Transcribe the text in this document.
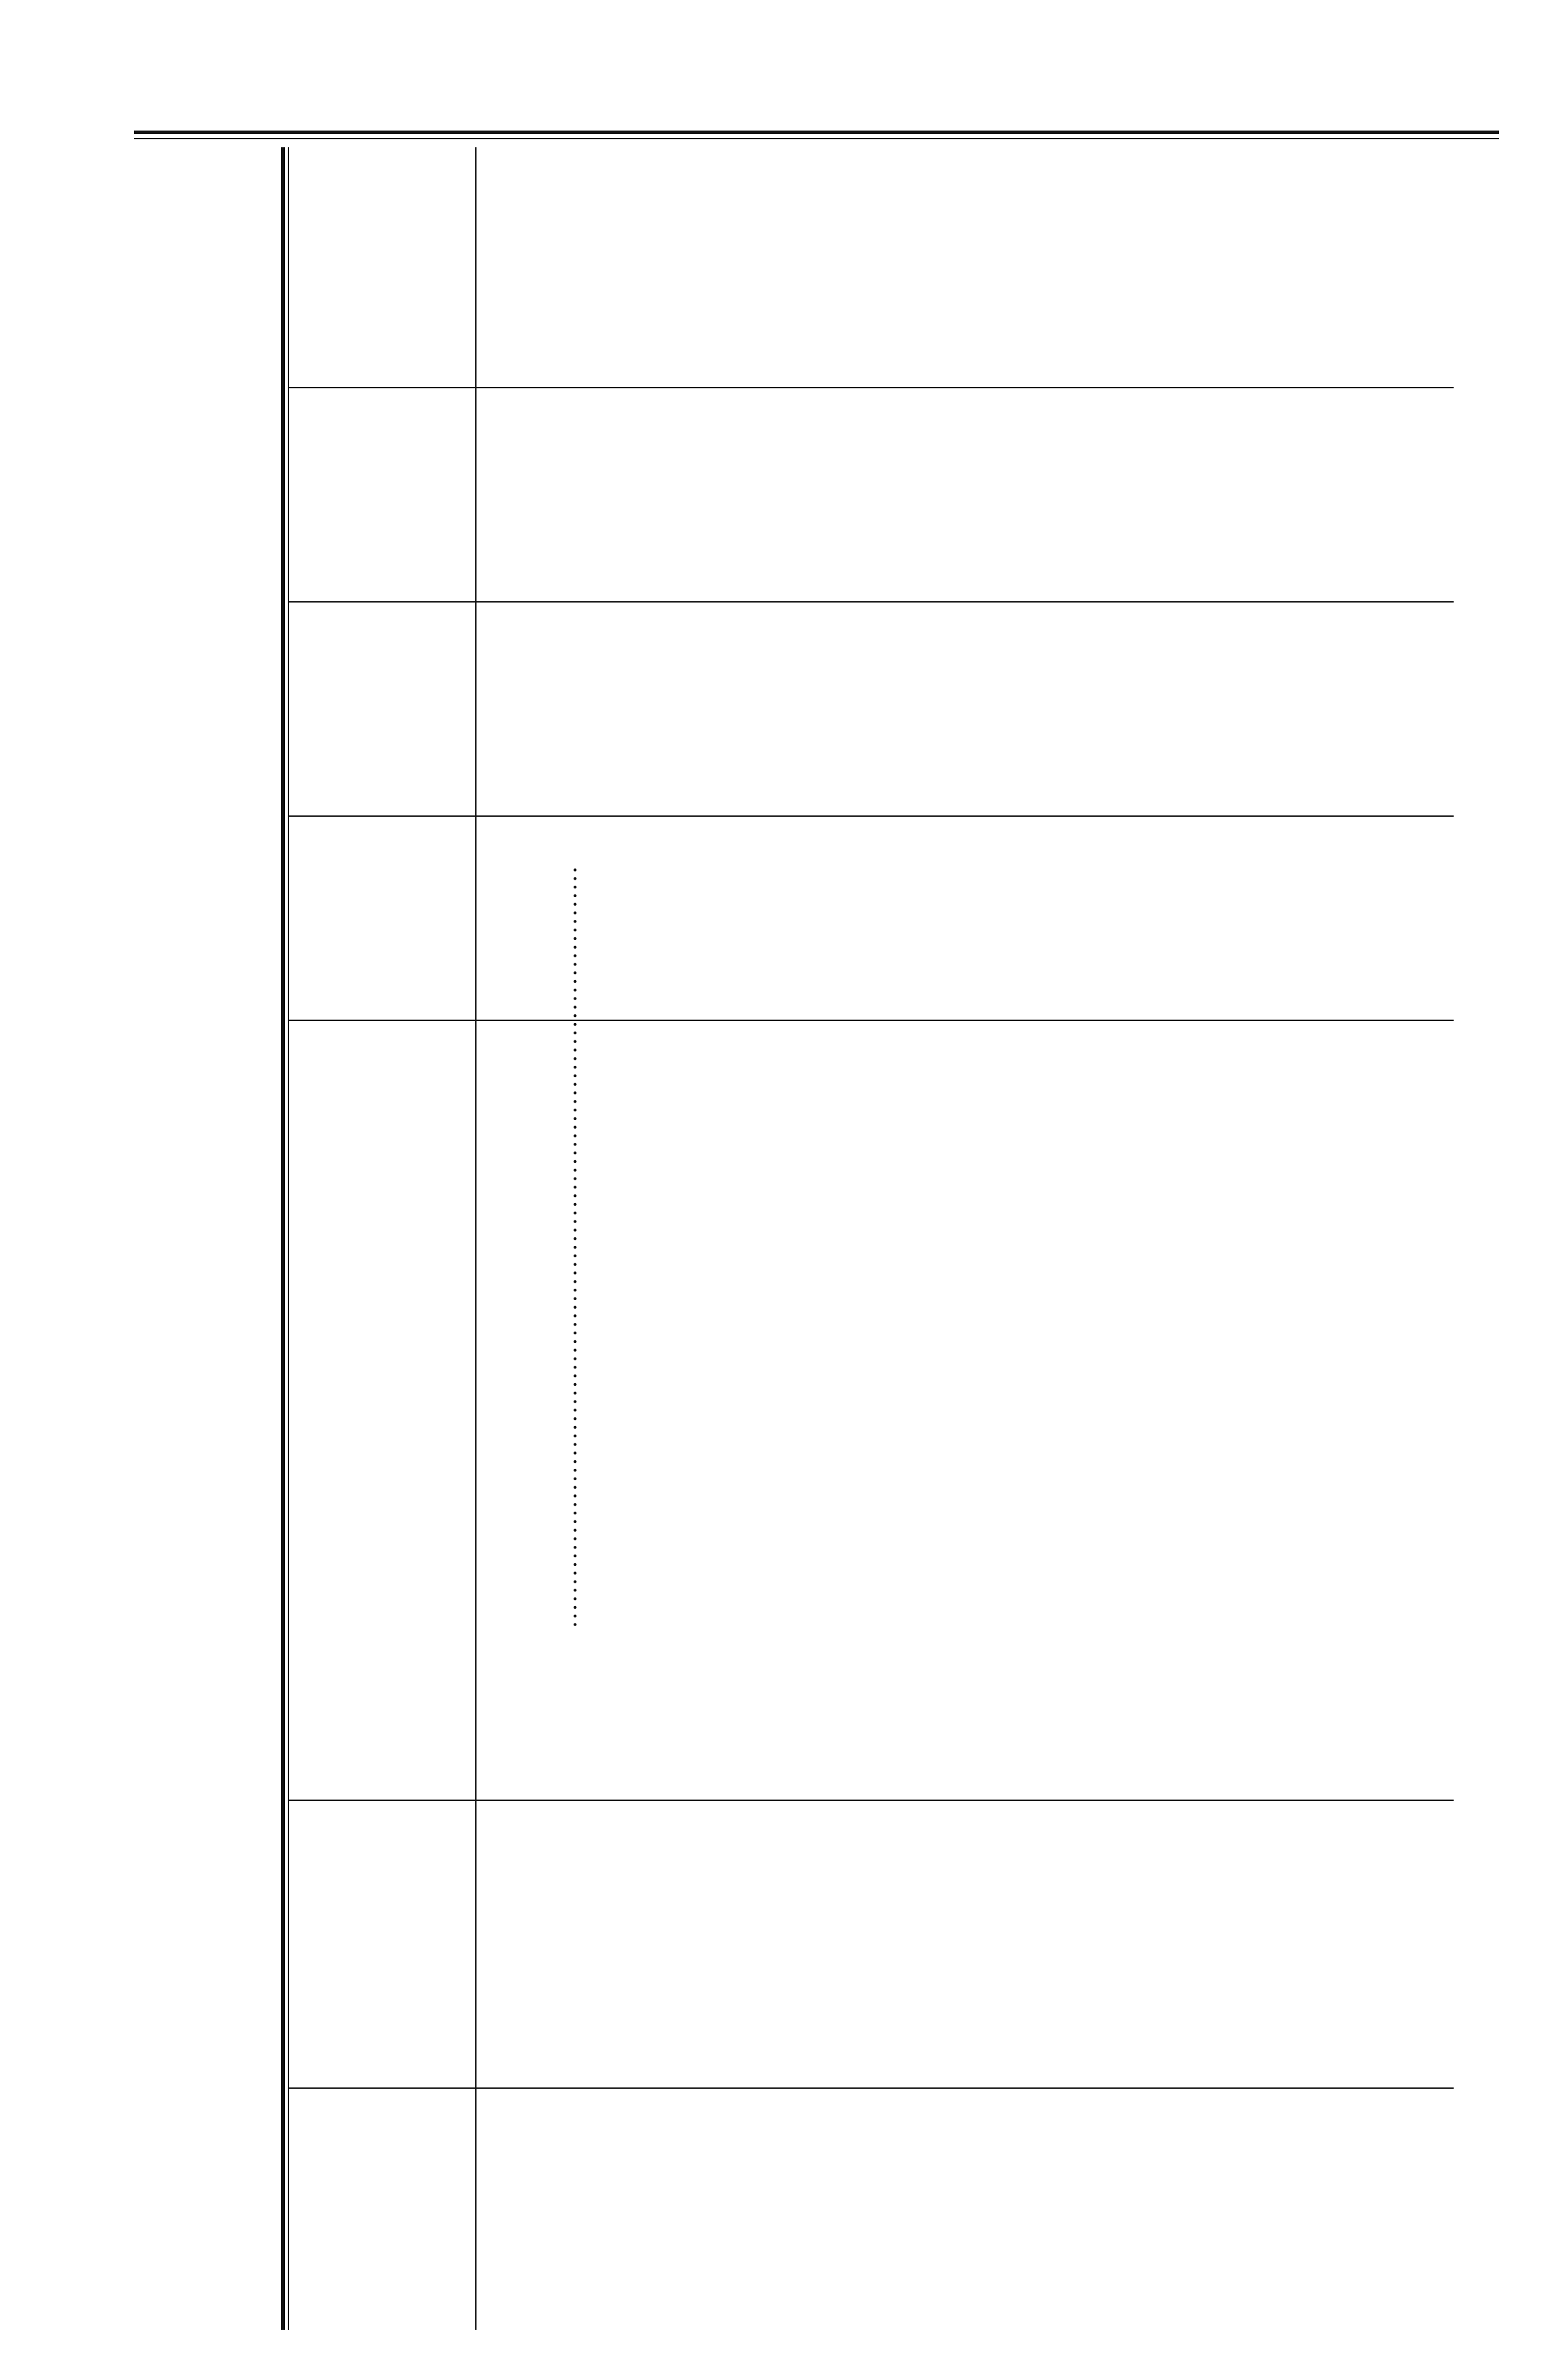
.....
